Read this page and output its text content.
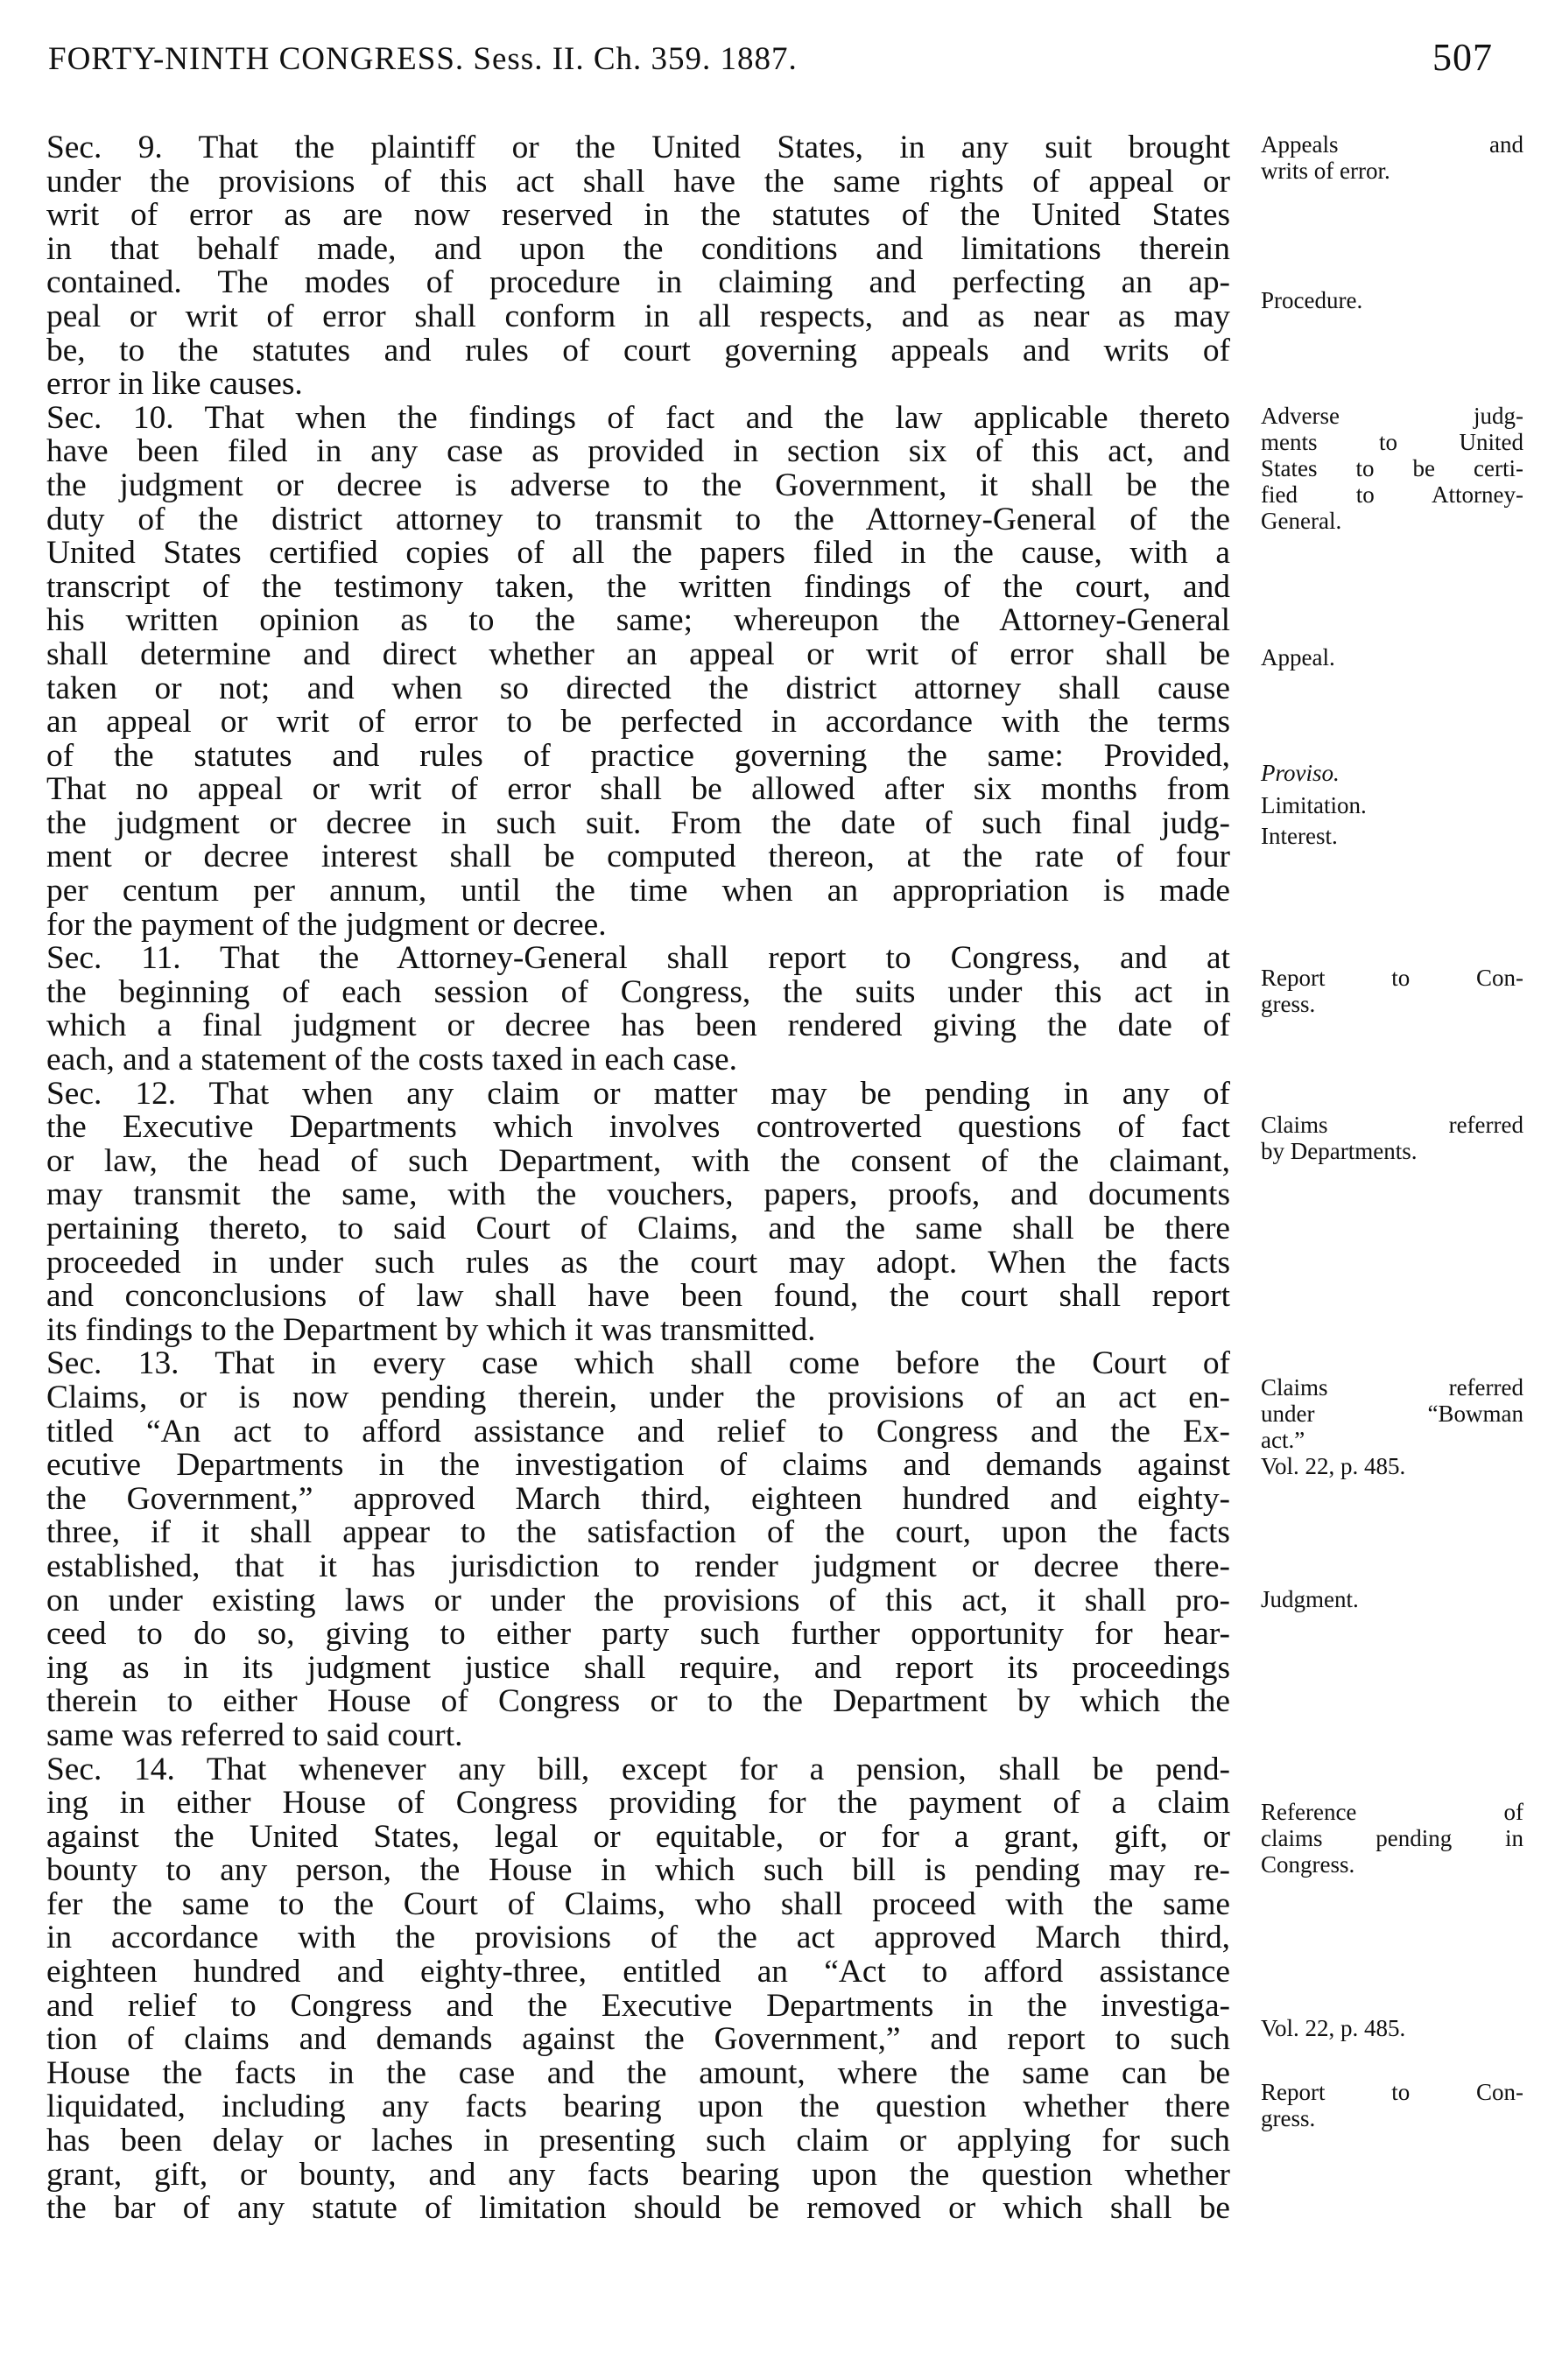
FORTY-NINTH CONGRESS. Sess. II. Ch. 359. 1887.	507
Sec. 9. That the plaintiff or the United States, in any suit brought
under the provisions of this act shall have the same rights of appeal or
writ of error as are now reserved in the statutes of the United States
in that behalf made, and upon the conditions and limitations therein
contained. The modes of procedure in claiming and perfecting an ap-
peal or writ of error shall conform in all respects, and as near as may
be, to the statutes and rules of court governing appeals and writs of
error in like causes.
Sec. 10. That when the findings of fact and the law applicable thereto
have been filed in any case as provided in section six of this act, and
the judgment or decree is adverse to the Government, it shall be the
duty of the district attorney to transmit to the Attorney-General of the
United States certified copies of all the papers filed in the cause, with a
transcript of the testimony taken, the written findings of the court, and
his written opinion as to the same; whereupon the Attorney-General
shall determine and direct whether an appeal or writ of error shall be
taken or not; and when so directed the district attorney shall cause
an appeal or writ of error to be perfected in accordance with the terms
of the statutes and rules of practice governing the same: Provided,
That no appeal or writ of error shall be allowed after six months from
the judgment or decree in such suit. From the date of such final judg-
ment or decree interest shall be computed thereon, at the rate of four
per centum per annum, until the time when an appropriation is made
for the payment of the judgment or decree.
Sec. 11. That the Attorney-General shall report to Congress, and at
the beginning of each session of Congress, the suits under this act in
which a final judgment or decree has been rendered giving the date of
each, and a statement of the costs taxed in each case.
Sec. 12. That when any claim or matter may be pending in any of
the Executive Departments which involves controverted questions of fact
or law, the head of such Department, with the consent of the claimant,
may transmit the same, with the vouchers, papers, proofs, and documents
pertaining thereto, to said Court of Claims, and the same shall be there
proceeded in under such rules as the court may adopt. When the facts
and conconclusions of law shall have been found, the court shall report
its findings to the Department by which it was transmitted.
Sec. 13. That in every case which shall come before the Court of
Claims, or is now pending therein, under the provisions of an act en-
titled “An act to afford assistance and relief to Congress and the Ex-
ecutive Departments in the investigation of claims and demands against
the Government,” approved March third, eighteen hundred and eighty-
three, if it shall appear to the satisfaction of the court, upon the facts
established, that it has jurisdiction to render judgment or decree there-
on under existing laws or under the provisions of this act, it shall pro-
ceed to do so, giving to either party such further opportunity for hear-
ing as in its judgment justice shall require, and report its proceedings
therein to either House of Congress or to the Department by which the
same was referred to said court.
Sec. 14. That whenever any bill, except for a pension, shall be pend-
ing in either House of Congress providing for the payment of a claim
against the United States, legal or equitable, or for a grant, gift, or
bounty to any person, the House in which such bill is pending may re-
fer the same to the Court of Claims, who shall proceed with the same
in accordance with the provisions of the act approved March third,
eighteen hundred and eighty-three, entitled an “Act to afford assistance
and relief to Congress and the Executive Departments in the investiga-
tion of claims and demands against the Government,” and report to such
House the facts in the case and the amount, where the same can be
liquidated, including any facts bearing upon the question whether there
has been delay or laches in presenting such claim or applying for such
grant, gift, or bounty, and any facts bearing upon the question whether
the bar of any statute of limitation should be removed or which shall be
Appeals and
writs of error.
Procedure.
Adverse judg-
ments to United
States to be certi-
fied to Attorney-
General.
Appeal.
Proviso.
Limitation.
Interest.
Report to Con-
gress.
Claims referred
by Departments.
Claims referred
under “Bowman
act.”
Vol. 22, p. 485.
Judgment.
Reference of
claims pending in
Congress.
Vol. 22, p. 485.
Report to Con-
gress.
